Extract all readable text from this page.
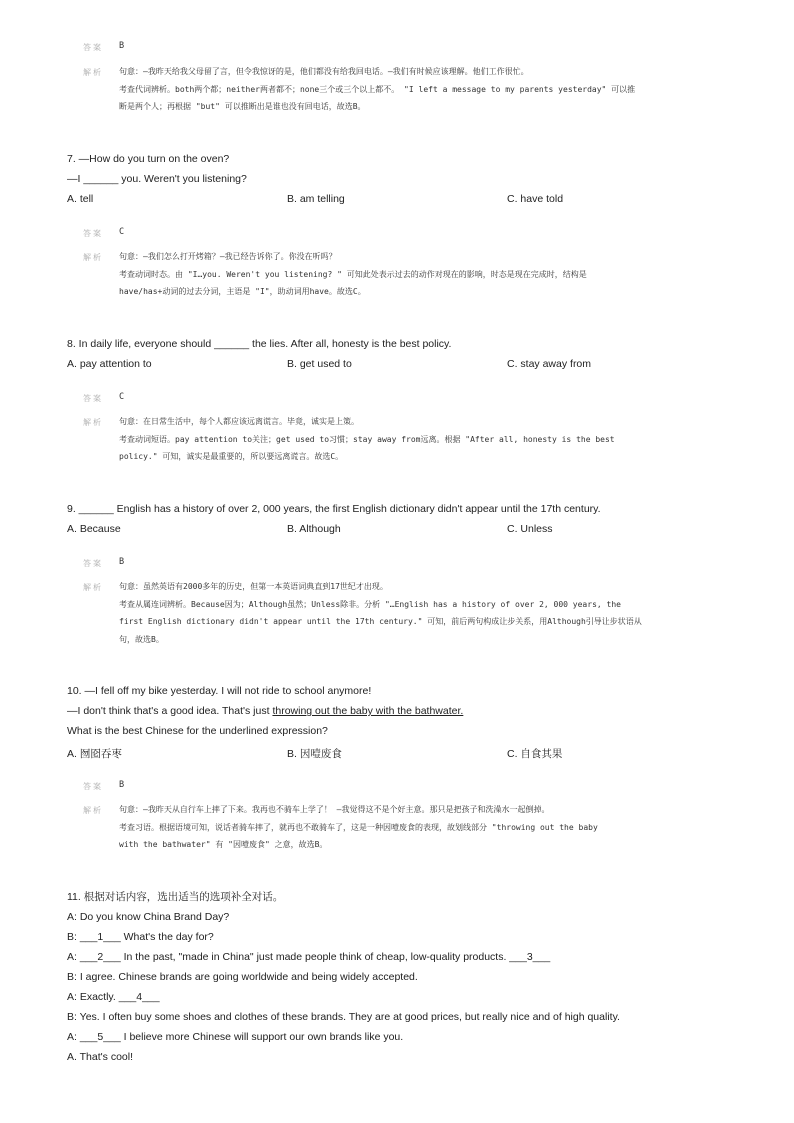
答案 B
解析 句意：—我昨天给我父母留了言，但令我惊讶的是，他们都没有给我回电话。—我们有时候应该理解。他们工作很忙。
考查代词辨析。both两个都；neither两者都不；none三个或三个以上都不。 "I left a message to my parents yesterday" 可以推
断是两个人；再根据 "but" 可以推断出是谁也没有回电话，故选B。
7. —How do you turn on the oven?
—I ______ you. Weren't you listening?
A. tell	B. am telling	C. have told
答案 C
解析 句意：—我们怎么打开烤箱？—我已经告诉你了。你没在听吗？
考查动词时态。由 "I…you. Weren't you listening? " 可知此处表示过去的动作对现在的影响，时态是现在完成时，结构是
have/has+动词的过去分词，主语是 "I"，助动词用have。故选C。
8. In daily life, everyone should ______ the lies. After all, honesty is the best policy.
A. pay attention to	B. get used to	C. stay away from
答案 C
解析 句意：在日常生活中，每个人都应该远离谎言。毕竟，诚实是上策。
考查动词短语。pay attention to关注；get used to习惯；stay away from远离。根据 "After all, honesty is the best
policy." 可知，诚实是最重要的，所以要远离谎言。故选C。
9. ______ English has a history of over 2, 000 years, the first English dictionary didn't appear until the 17th century.
A. Because	B. Although	C. Unless
答案 B
解析 句意：虽然英语有2000多年的历史，但第一本英语词典直到17世纪才出现。
考查从属连词辨析。Because因为；Although虽然；Unless除非。分析 "…English has a history of over 2, 000 years, the
first English dictionary didn't appear until the 17th century." 可知，前后两句构成让步关系，用Although引导让步状语从
句，故选B。
10. —I fell off my bike yesterday. I will not ride to school anymore!
—I don't think that's a good idea. That's just throwing out the baby with the bathwater.
What is the best Chinese for the underlined expression?
A. 囫囵吞枣	B. 因噎废食	C. 自食其果
答案 B
解析 句意：—我昨天从自行车上摔了下来。我再也不骑车上学了！ —我觉得这不是个好主意。那只是把孩子和洗澡水一起倒掉。
考查习语。根据语境可知，说话者骑车摔了，就再也不敢骑车了，这是一种因噎废食的表现，故划线部分 "throwing out the baby
with the bathwater" 有 "因噎废食" 之意，故选B。
11. 根据对话内容，选出适当的选项补全对话。
A: Do you know China Brand Day?
B: ___1___ What's the day for?
A: ___2___ In the past, "made in China" just made people think of cheap, low-quality products. ___3___
B: I agree. Chinese brands are going worldwide and being widely accepted.
A: Exactly. ___4___
B: Yes. I often buy some shoes and clothes of these brands. They are at good prices, but really nice and of high quality.
A: ___5___ I believe more Chinese will support our own brands like you.
A. That's cool!
